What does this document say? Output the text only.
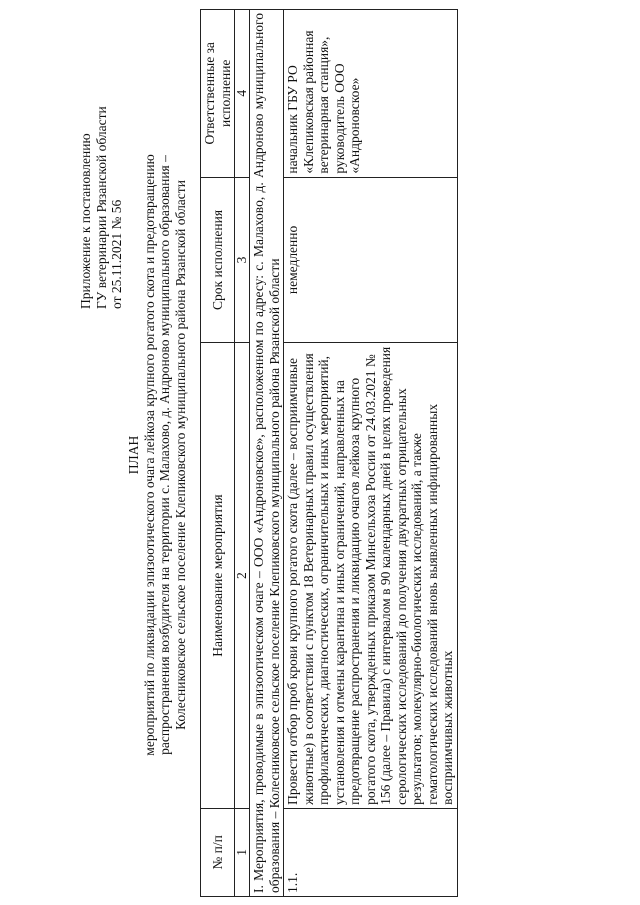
Приложение к постановлению ГУ ветеринарии Рязанской области от 25.11.2021 № 56
ПЛАН мероприятий по ликвидации эпизоотического очага лейкоза крупного рогатого скота и предотвращению распространения возбудителя на территории с. Малахово, д. Андроново муниципального образования – Колесниковское сельское поселение Клепиковского муниципального района Рязанской области
№ п/п	Наименование мероприятия	Срок исполнения	Ответственные за исполнение
1	2	3	4
I. Мероприятия, проводимые в эпизоотическом очаге – ООО «Андроновское», расположенном по адресу: с. Малахово, д. Андроново муниципального образования – Колесниковское сельское поселение Клепиковского муниципального района Рязанской области			
1.1.	Провести отбор проб крови крупного рогатого скота (далее – восприимчивые животные) в соответствии с пунктом 18 Ветеринарных правил осуществления профилактических, диагностических, ограничительных и иных мероприятий, установления и отмены карантина и иных ограничений, направленных на предотвращение распространения и ликвидацию очагов лейкоза крупного рогатого скота, утвержденных приказом Минсельхоза России от 24.03.2021 № 156 (далее – Правила) с интервалом в 90 календарных дней в целях проведения серологических исследований до получения двукратных отрицательных результатов; молекулярно-биологических исследований, а также гематологических исследований вновь выявленных инфицированных восприимчивых животных	немедленно	начальник ГБУ РО «Клепиковская районная ветеринарная станция», руководитель ООО «Андроновское»
